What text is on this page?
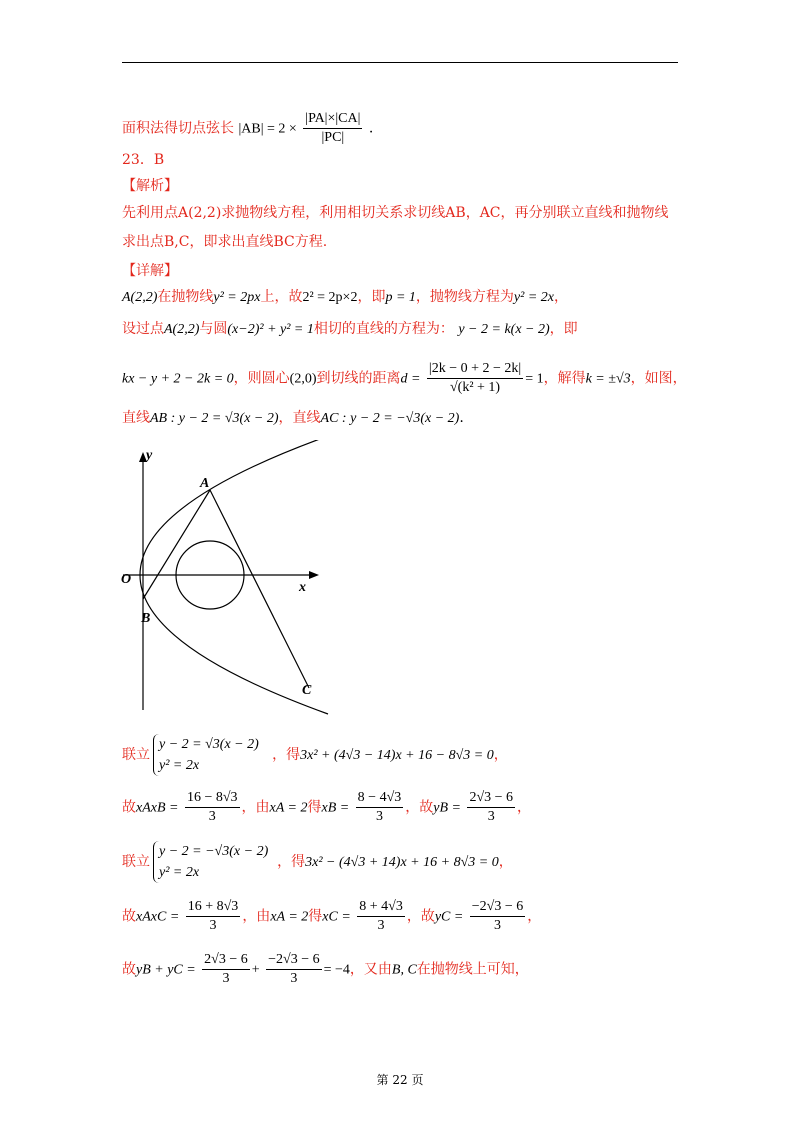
面积法得切点弦长 $|AB| = 2 \times \frac{|PA|\times|CA|}{|PC|}$ .
23．B
【解析】
先利用点A(2,2)求抛物线方程，利用相切关系求切线AB，AC，再分别联立直线和抛物线
求出点B,C，即求出直线BC方程.
【详解】
A(2,2)在抛物线y² = 2px上，故2² = 2p×2，即p = 1，抛物线方程为y² = 2x，
设过点A(2,2)与圆(x−2)² + y² = 1相切的直线的方程为： y − 2 = k(x − 2)，即
kx − y + 2 − 2k = 0，则圆心(2,0)到切线的距离$d = \frac{|2k - 0 + 2 - 2k|}{\text{√(k² + 1)}} = 1$，解得k = ±√3，如图，
直线AB : y − 2 = √3(x − 2)，直线AC : y − 2 = −√3(x − 2).
y
x
O
A
B
C
联立y − 2 = √3(x − 2)
y² = 2x   ，得3x² + (4√3 − 14)x + 16 − 8√3 = 0，
故xAxB = $\frac{16 - 8√3}{3}$ ，由xA = 2得xB = $\frac{8 - 4√3}{3}$ ，故yB = $\frac{2√3 - 6}{3}$ ，
联立y − 2 = −√3(x − 2)
y² = 2x  ，得3x² − (4√3 + 14)x + 16 + 8√3 = 0，
故xAxC = $\frac{16 + 8√3}{3}$ ，由xA = 2得xC = $\frac{8 + 4√3}{3}$ ，故yC = $\frac{-2√3 - 6}{3}$ ，
故yB + yC = $\frac{2√3 - 6}{3} + \frac{-2√3 - 6}{3} = -4$，又由B, C在抛物线上可知，
第 22 页
